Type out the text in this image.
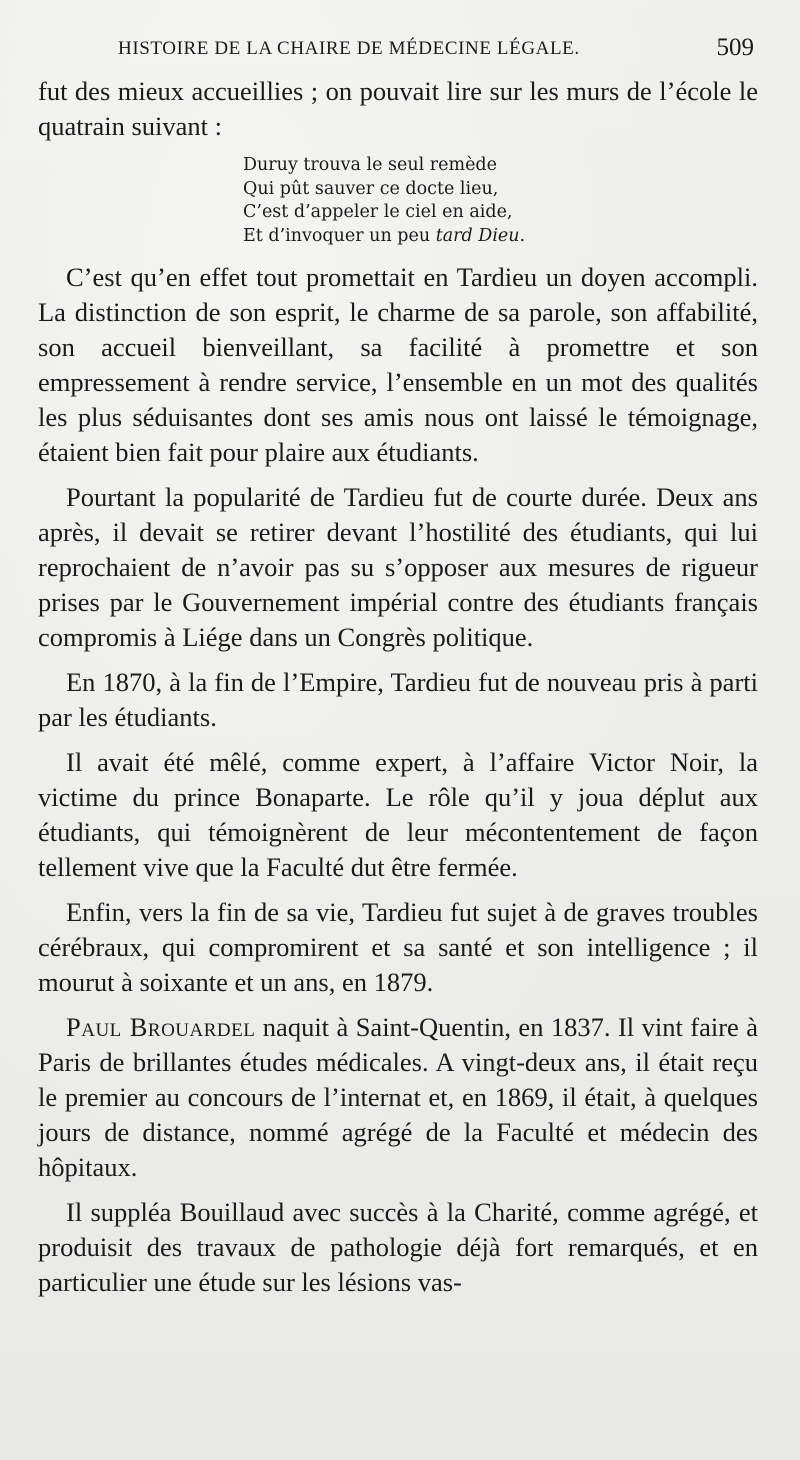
HISTOIRE DE LA CHAIRE DE MÉDECINE LÉGALE.	509

fut des mieux accueillies ; on pouvait lire sur les murs de l’école le quatrain suivant :

Duruy trouva le seul remède
Qui pût sauver ce docte lieu,
C’est d’appeler le ciel en aide,
Et d’invoquer un peu tard Dieu.

C’est qu’en effet tout promettait en Tardieu un doyen accompli. La distinction de son esprit, le charme de sa parole, son affabilité, son accueil bienveillant, sa facilité à promettre et son empressement à rendre service, l’ensemble en un mot des qualités les plus séduisantes dont ses amis nous ont laissé le témoignage, étaient bien fait pour plaire aux étudiants.

Pourtant la popularité de Tardieu fut de courte durée. Deux ans après, il devait se retirer devant l’hostilité des étudiants, qui lui reprochaient de n’avoir pas su s’opposer aux mesures de rigueur prises par le Gouvernement impérial contre des étudiants français compromis à Liége dans un Congrès politique.

En 1870, à la fin de l’Empire, Tardieu fut de nouveau pris à parti par les étudiants.

Il avait été mêlé, comme expert, à l’affaire Victor Noir, la victime du prince Bonaparte. Le rôle qu’il y joua déplut aux étudiants, qui témoignèrent de leur mécontentement de façon tellement vive que la Faculté dut être fermée.

Enfin, vers la fin de sa vie, Tardieu fut sujet à de graves troubles cérébraux, qui compromirent et sa santé et son intelligence ; il mourut à soixante et un ans, en 1879.

Paul Brouardel naquit à Saint-Quentin, en 1837. Il vint faire à Paris de brillantes études médicales. A vingt-deux ans, il était reçu le premier au concours de l’internat et, en 1869, il était, à quelques jours de distance, nommé agrégé de la Faculté et médecin des hôpitaux.

Il suppléa Bouillaud avec succès à la Charité, comme agrégé, et produisit des travaux de pathologie déjà fort remarqués, et en particulier une étude sur les lésions vas-
